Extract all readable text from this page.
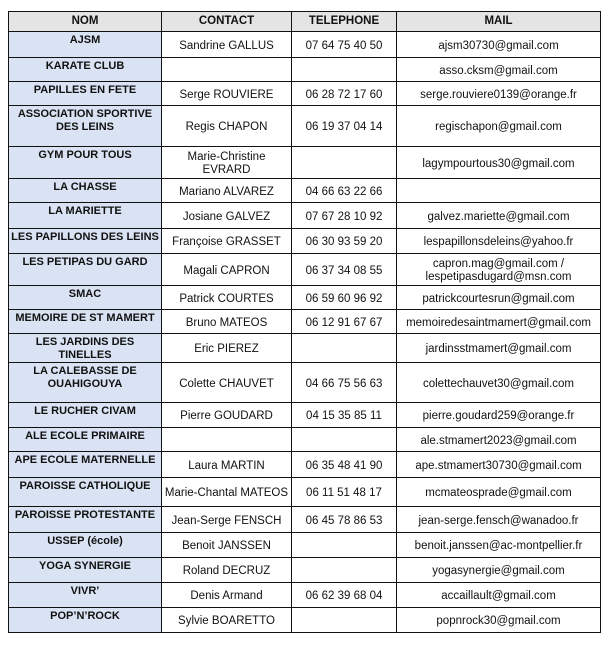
NOM	CONTACT	TELEPHONE	MAIL
AJSM	Sandrine GALLUS	07 64 75 40 50	ajsm30730@gmail.com
KARATE CLUB			asso.cksm@gmail.com
PAPILLES EN FETE	Serge ROUVIERE	06 28 72 17 60	serge.rouviere0139@orange.fr
ASSOCIATION SPORTIVE DES LEINS	Regis CHAPON	06 19 37 04 14	regischapon@gmail.com
GYM POUR TOUS	Marie-Christine EVRARD		lagympourtous30@gmail.com
LA CHASSE	Mariano ALVAREZ	04 66 63 22 66	
LA MARIETTE	Josiane GALVEZ	07 67 28 10 92	galvez.mariette@gmail.com
LES PAPILLONS DES LEINS	Françoise GRASSET	06 30 93 59 20	lespapillonsdeleins@yahoo.fr
LES PETIPAS DU GARD	Magali CAPRON	06 37 34 08 55	capron.mag@gmail.com / lespetipasdugard@msn.com
SMAC	Patrick COURTES	06 59 60 96 92	patrickcourtesrun@gmail.com
MEMOIRE DE ST MAMERT	Bruno MATEOS	06 12 91 67 67	memoiredesaintmamert@gmail.com
LES JARDINS DES TINELLES	Eric PIEREZ		jardinsstmamert@gmail.com
LA CALEBASSE DE OUAHIGOUYA	Colette CHAUVET	04 66 75 56 63	colettechauvet30@gmail.com
LE RUCHER CIVAM	Pierre GOUDARD	04 15 35 85 11	pierre.goudard259@orange.fr
ALE ECOLE PRIMAIRE			ale.stmamert2023@gmail.com
APE ECOLE MATERNELLE	Laura MARTIN	06 35 48 41 90	ape.stmamert30730@gmail.com
PAROISSE CATHOLIQUE	Marie-Chantal MATEOS	06 11 51 48 17	mcmateosprade@gmail.com
PAROISSE PROTESTANTE	Jean-Serge FENSCH	06 45 78 86 53	jean-serge.fensch@wanadoo.fr
USSEP (école)	Benoit JANSSEN		benoit.janssen@ac-montpellier.fr
YOGA SYNERGIE	Roland DECRUZ		yogasynergie@gmail.com
VIVR’	Denis Armand	06 62 39 68 04	accaillault@gmail.com
POP’N’ROCK	Sylvie BOARETTO		popnrock30@gmail.com
